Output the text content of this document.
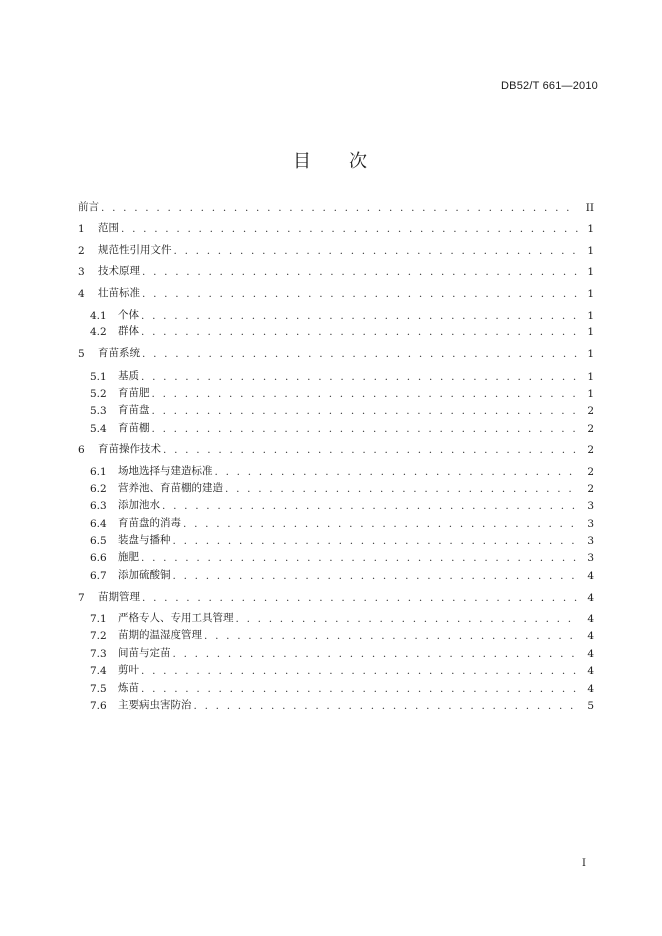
DB52/T 661—2010
目 次
前言 . . .	II
1	范围 . . .	1
2	规范性引用文件 . . .	1
3	技术原理 . . .	1
4	壮苗标准 . . .	1
4.1	个体 . . .	1
4.2	群体 . . .	1
5	育苗系统 . . .	1
5.1	基质 . . .	1
5.2	育苗肥 . . .	1
5.3	育苗盘 . . .	2
5.4	育苗棚 . . .	2
6	育苗操作技术 . . .	2
6.1	场地选择与建造标准 . . .	2
6.2	营养池、育苗棚的建造 . . .	2
6.3	添加池水 . . .	3
6.4	育苗盘的消毒 . . .	3
6.5	装盘与播种 . . .	3
6.6	施肥 . . .	3
6.7	添加硫酸铜 . . .	4
7	苗期管理 . . .	4
7.1	严格专人、专用工具管理 . . .	4
7.2	苗期的温湿度管理 . . .	4
7.3	间苗与定苗 . . .	4
7.4	剪叶 . . .	4
7.5	炼苗 . . .	4
7.6	主要病虫害防治 . . .	5
I
